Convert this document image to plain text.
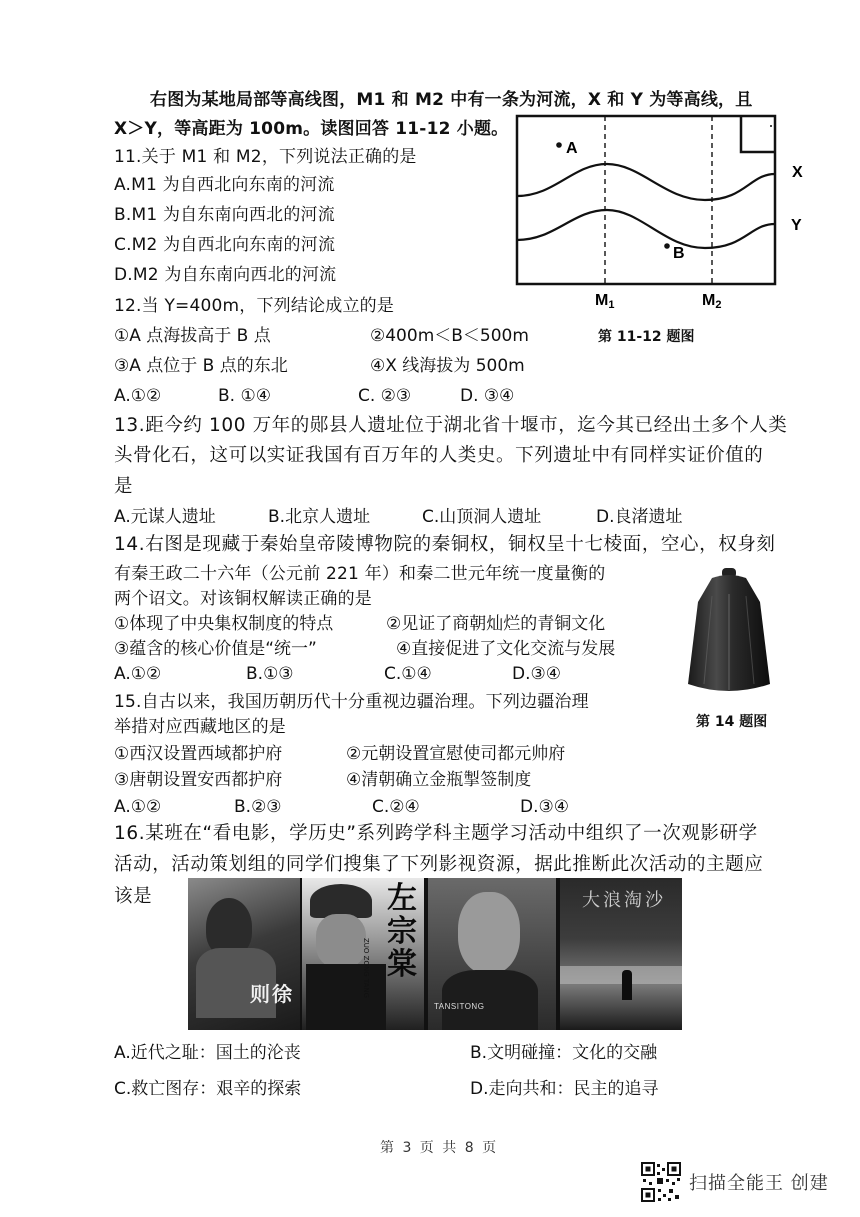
右图为某地局部等高线图，M1 和 M2 中有一条为河流，X 和 Y 为等高线，且
X＞Y，等高距为 100m。读图回答 11-12 小题。
11.关于 M1 和 M2，下列说法正确的是
A.M1 为自西北向东南的河流
B.M1 为自东南向西北的河流
C.M2 为自西北向东南的河流
D.M2 为自东南向西北的河流
A
B
X
Y
M1	M2
第 11-12 题图
12.当 Y=400m，下列结论成立的是
①A 点海拔高于 B 点	②400m＜B＜500m
③A 点位于 B 点的东北	④X 线海拔为 500m
A.①②	B. ①④	C. ②③	D. ③④
13.距今约 100 万年的郧县人遗址位于湖北省十堰市，迄今其已经出土多个人类
头骨化石，这可以实证我国有百万年的人类史。下列遗址中有同样实证价值的
是
A.元谋人遗址	B.北京人遗址	C.山顶洞人遗址	D.良渚遗址
14.右图是现藏于秦始皇帝陵博物院的秦铜权，铜权呈十七棱面，空心，权身刻
有秦王政二十六年（公元前 221 年）和秦二世元年统一度量衡的
两个诏文。对该铜权解读正确的是
①体现了中央集权制度的特点	②见证了商朝灿烂的青铜文化
③蕴含的核心价值是“统一”	④直接促进了文化交流与发展
A.①②	B.①③	C.①④	D.③④
第 14 题图
15.自古以来，我国历朝历代十分重视边疆治理。下列边疆治理
举措对应西藏地区的是
①西汉设置西域都护府	②元朝设置宣慰使司都元帅府
③唐朝设置安西都护府	④清朝确立金瓶掣签制度
A.①②	B.②③	C.②④	D.③④
16.某班在“看电影，学历史”系列跨学科主题学习活动中组织了一次观影研学
活动，活动策划组的同学们搜集了下列影视资源，据此推断此次活动的主题应
该是
则徐
左宗棠
ZUO ZONG TANG
TANSITONG
大浪淘沙
A.近代之耻：国土的沦丧	B.文明碰撞：文化的交融
C.救亡图存：艰辛的探索	D.走向共和：民主的追寻
第 3 页 共 8 页
扫描全能王 创建
